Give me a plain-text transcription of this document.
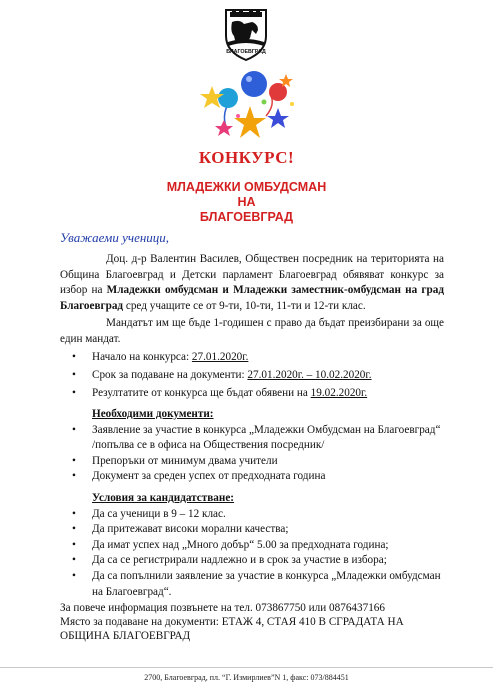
БЛАГОЕВГРАД
КОНКУРС!
МЛАДЕЖКИ ОМБУДСМАН
НА
БЛАГОЕВГРАД
Уважаеми ученици,

Доц. д-р Валентин Василев, Обществен посредник на територията на Община Благоевград и Детски парламент Благоевград обявяват конкурс за избор на Младежки омбудсман и Младежки заместник-омбудсман на град Благоевград сред учащите се от 9-ти, 10-ти, 11-ти и 12-ти клас.

Мандатът им ще бъде 1-годишен с право да бъдат преизбирани за още един мандат.

• Начало на конкурса: 27.01.2020г.
• Срок за подаване на документи: 27.01.2020г. – 10.02.2020г.
• Резултатите от конкурса ще бъдат обявени на 19.02.2020г.
Необходими документи:
• Заявление за участие в конкурса „Младежки Омбудсман на Благоевград“ /попълва се в офиса на Обществения посредник/
• Препоръки от минимум двама учители
• Документ за среден успех от предходната година
Условия за кандидатстване:
• Да са ученици в 9 – 12 клас.
• Да притежават високи морални качества;
• Да имат успех над „Много добър“ 5.00 за предходната година;
• Да са се регистрирали надлежно и в срок за участие в избора;
• Да са попълнили заявление за участие в конкурса „Младежки омбудсман на Благоевград“.
За повече информация позвънете на тел. 073867750 или 0876437166
Място за подаване на документи: ЕТАЖ 4, СТАЯ 410 В СГРАДАТА НА ОБЩИНА БЛАГОЕВГРАД
2700, Благоевград, пл. “Г. Измирлиев”N 1, факс: 073/884451
